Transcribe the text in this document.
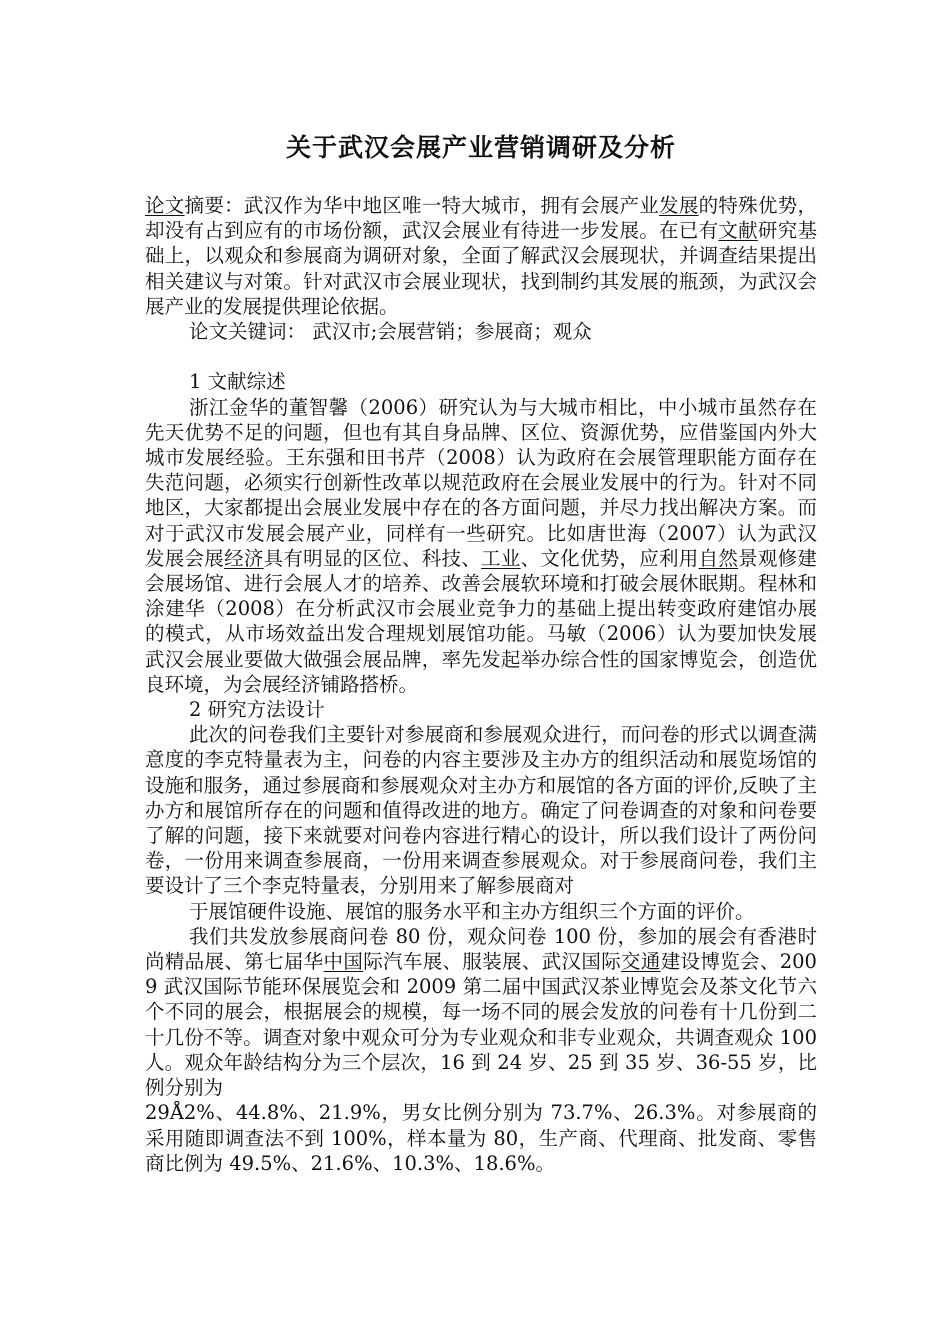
关于武汉会展产业营销调研及分析

论文摘要：武汉作为华中地区唯一特大城市，拥有会展产业发展的特殊优势，却没有占到应有的市场份额，武汉会展业有待进一步发展。在已有文献研究基础上，以观众和参展商为调研对象，全面了解武汉会展现状，并调查结果提出相关建议与对策。针对武汉市会展业现状，找到制约其发展的瓶颈，为武汉会展产业的发展提供理论依据。

论文关键词： 武汉市;会展营销；参展商；观众

1 文献综述

浙江金华的董智馨（2006）研究认为与大城市相比，中小城市虽然存在先天优势不足的问题，但也有其自身品牌、区位、资源优势，应借鉴国内外大城市发展经验。王东强和田书芹（2008）认为政府在会展管理职能方面存在失范问题，必须实行创新性改革以规范政府在会展业发展中的行为。针对不同地区，大家都提出会展业发展中存在的各方面问题，并尽力找出解决方案。而对于武汉市发展会展产业，同样有一些研究。比如唐世海（2007）认为武汉发展会展经济具有明显的区位、科技、工业、文化优势，应利用自然景观修建会展场馆、进行会展人才的培养、改善会展软环境和打破会展休眠期。程林和涂建华（2008）在分析武汉市会展业竞争力的基础上提出转变政府建馆办展的模式，从市场效益出发合理规划展馆功能。马敏（2006）认为要加快发展武汉会展业要做大做强会展品牌，率先发起举办综合性的国家博览会，创造优良环境，为会展经济铺路搭桥。

2 研究方法设计

此次的问卷我们主要针对参展商和参展观众进行，而问卷的形式以调查满意度的李克特量表为主，问卷的内容主要涉及主办方的组织活动和展览场馆的设施和服务，通过参展商和参展观众对主办方和展馆的各方面的评价,反映了主办方和展馆所存在的问题和值得改进的地方。确定了问卷调查的对象和问卷要了解的问题，接下来就要对问卷内容进行精心的设计，所以我们设计了两份问卷，一份用来调查参展商，一份用来调查参展观众。对于参展商问卷，我们主要设计了三个李克特量表，分别用来了解参展商对

于展馆硬件设施、展馆的服务水平和主办方组织三个方面的评价。

我们共发放参展商问卷 80 份，观众问卷 100 份，参加的展会有香港时尚精品展、第七届华中国际汽车展、服装展、武汉国际交通建设博览会、2009 武汉国际节能环保展览会和 2009 第二届中国武汉茶业博览会及茶文化节六个不同的展会，根据展会的规模，每一场不同的展会发放的问卷有十几份到二十几份不等。调查对象中观众可分为专业观众和非专业观众，共调查观众 100 人。观众年龄结构分为三个层次，16 到 24 岁、25 到 35 岁、36-55 岁，比例分别为

29Å2%、44.8%、21.9%，男女比例分别为 73.7%、26.3%。对参展商的采用随即调查法不到 100%，样本量为 80，生产商、代理商、批发商、零售商比例为 49.5%、21.6%、10.3%、18.6%。
